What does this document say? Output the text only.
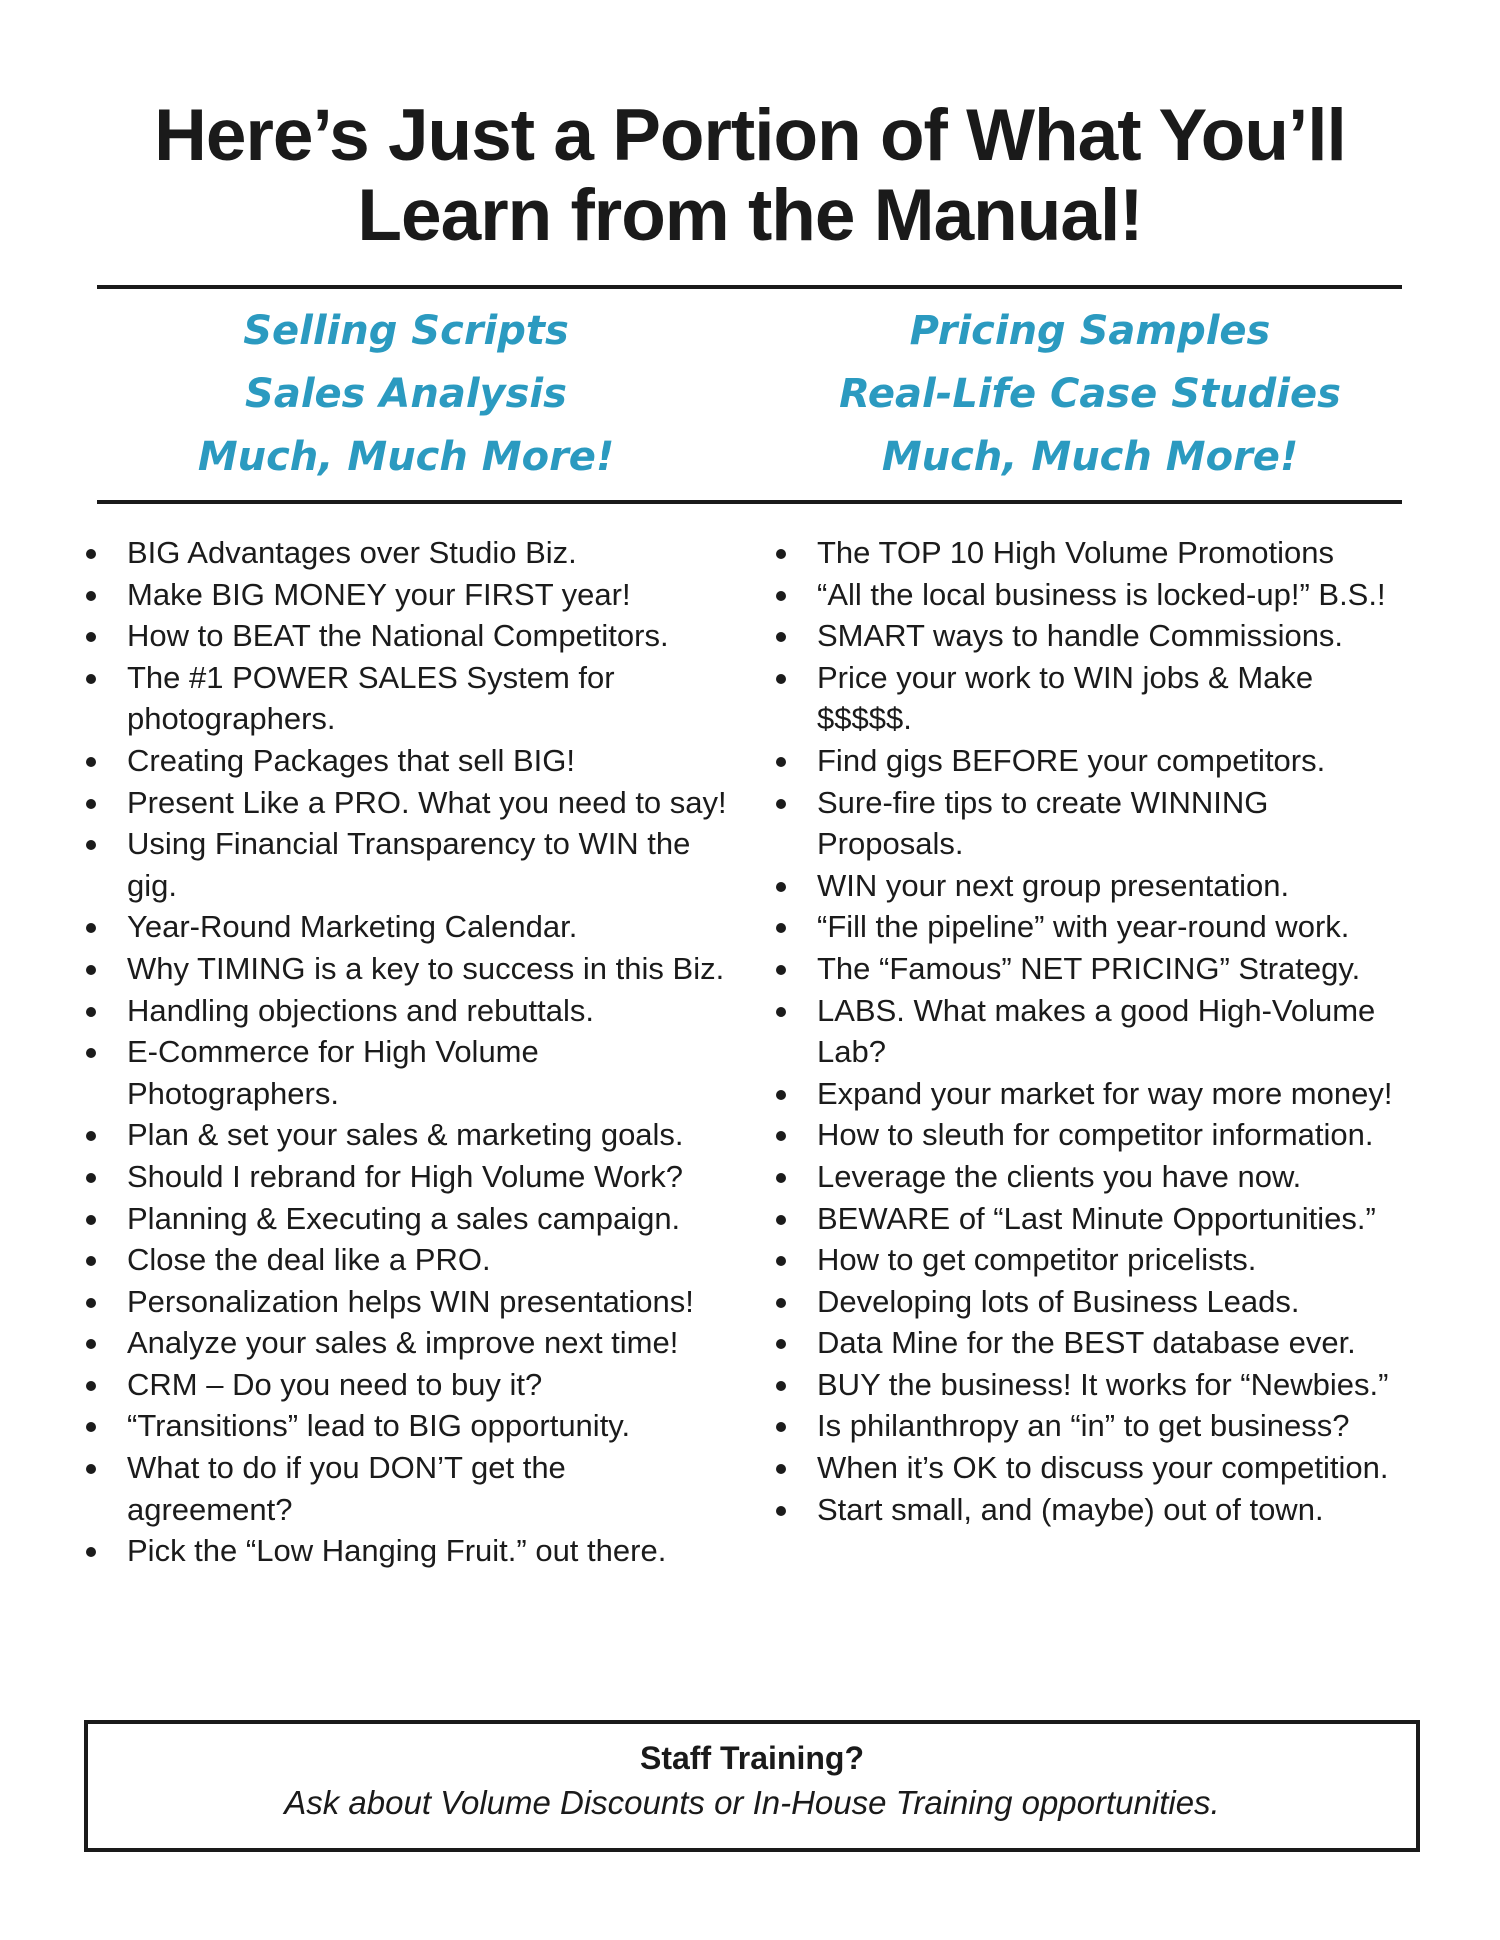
Here’s Just a Portion of What You’ll
Learn from the Manual!
Selling Scripts
Sales Analysis
Much, Much More!
Pricing Samples
Real-Life Case Studies
Much, Much More!
BIG Advantages over Studio Biz.
Make BIG MONEY your FIRST year!
How to BEAT the National Competitors.
The #1 POWER SALES System for photographers.
Creating Packages that sell BIG!
Present Like a PRO. What you need to say!
Using Financial Transparency to WIN the gig.
Year-Round Marketing Calendar.
Why TIMING is a key to success in this Biz.
Handling objections and rebuttals.
E-Commerce for High Volume Photographers.
Plan & set your sales & marketing goals.
Should I rebrand for High Volume Work?
Planning & Executing a sales campaign.
Close the deal like a PRO.
Personalization helps WIN presentations!
Analyze your sales & improve next time!
CRM – Do you need to buy it?
“Transitions” lead to BIG opportunity.
What to do if you DON’T get the agreement?
Pick the “Low Hanging Fruit.” out there.
The TOP 10 High Volume Promotions
“All the local business is locked-up!” B.S.!
SMART ways to handle Commissions.
Price your work to WIN jobs & Make $$$$$.
Find gigs BEFORE your competitors.
Sure-fire tips to create WINNING Proposals.
WIN your next group presentation.
“Fill the pipeline” with year-round work.
The “Famous” NET PRICING” Strategy.
LABS. What makes a good High-Volume Lab?
Expand your market for way more money!
How to sleuth for competitor information.
Leverage the clients you have now.
BEWARE of “Last Minute Opportunities.”
How to get competitor pricelists.
Developing lots of Business Leads.
Data Mine for the BEST database ever.
BUY the business! It works for “Newbies.”
Is philanthropy an “in” to get business?
When it’s OK to discuss your competition.
Start small, and (maybe) out of town.
Staff Training?
Ask about Volume Discounts or In-House Training opportunities.
